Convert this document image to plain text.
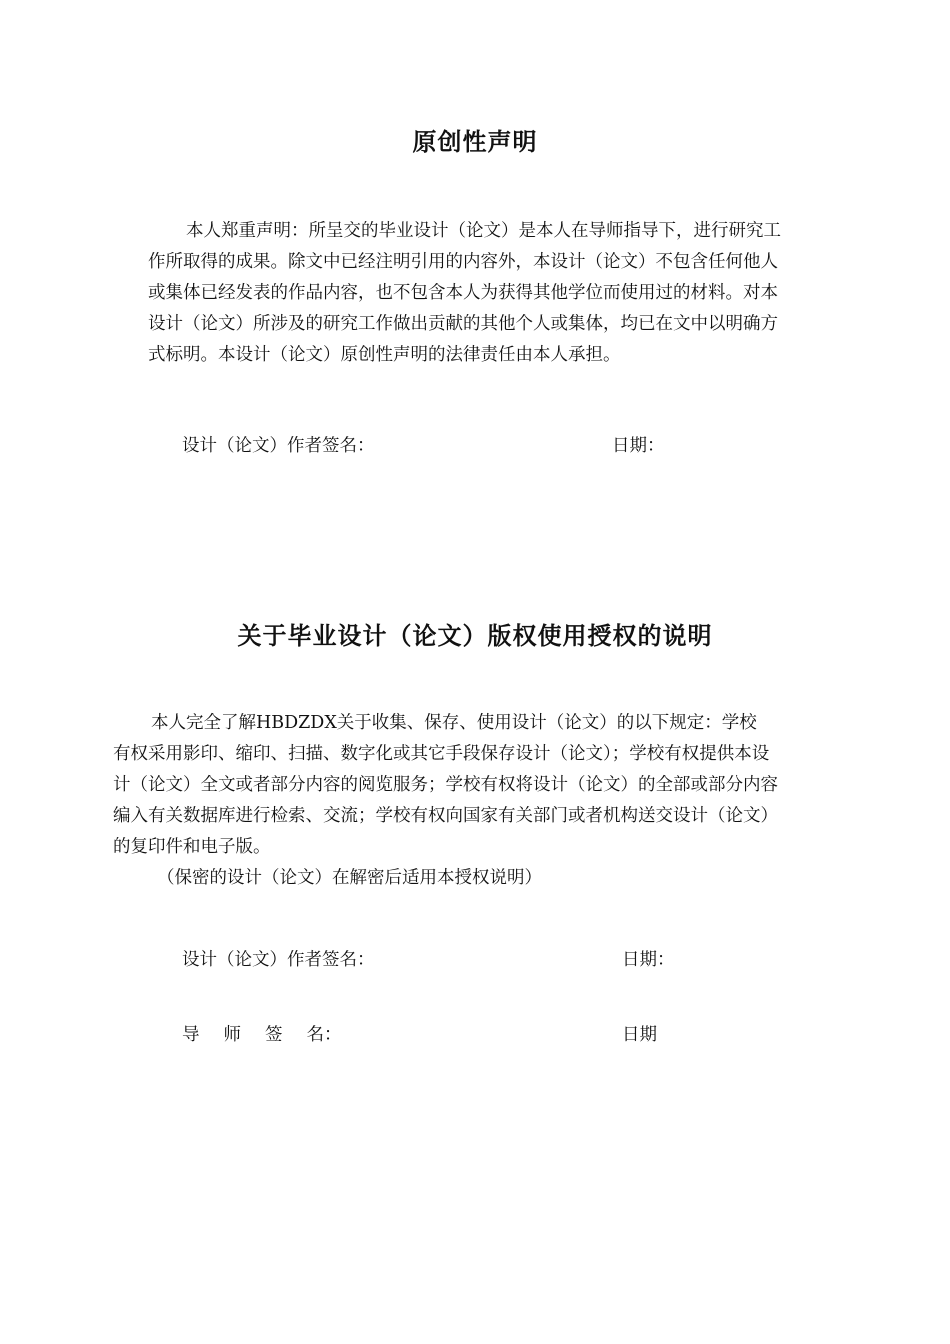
原创性声明
本人郑重声明：所呈交的毕业设计（论文）是本人在导师指导下，进行研究工
作所取得的成果。除文中已经注明引用的内容外，本设计（论文）不包含任何他人
或集体已经发表的作品内容，也不包含本人为获得其他学位而使用过的材料。对本
设计（论文）所涉及的研究工作做出贡献的其他个人或集体，均已在文中以明确方
式标明。本设计（论文）原创性声明的法律责任由本人承担。
设计（论文）作者签名：	日期：
关于毕业设计（论文）版权使用授权的说明
本人完全了解HBDZDX关于收集、保存、使用设计（论文）的以下规定：学校
有权采用影印、缩印、扫描、数字化或其它手段保存设计（论文）；学校有权提供本设
计（论文）全文或者部分内容的阅览服务；学校有权将设计（论文）的全部或部分内容
编入有关数据库进行检索、交流；学校有权向国家有关部门或者机构送交设计（论文）
的复印件和电子版。
（保密的设计（论文）在解密后适用本授权说明）
设计（论文）作者签名：	日期：
导 师 签 名：	日期
